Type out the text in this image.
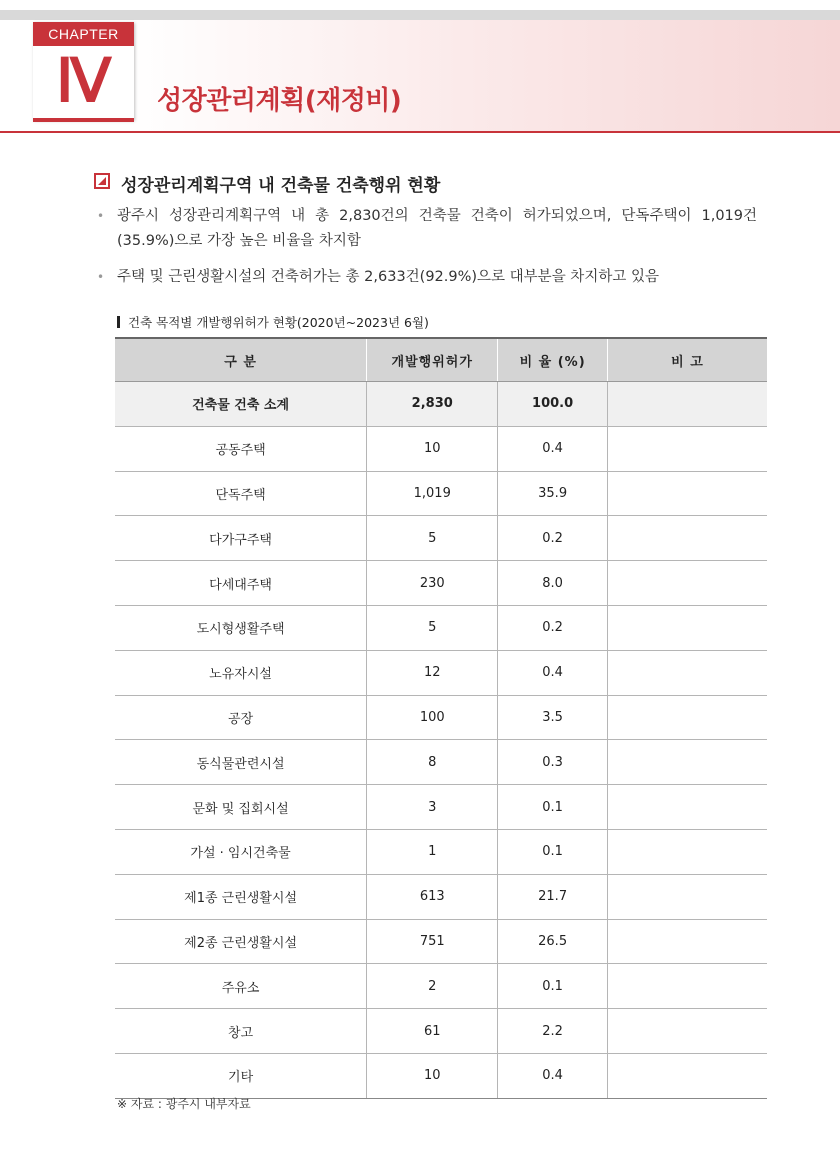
CHAPTER
Ⅳ	성장관리계획(재정비)
성장관리계획구역 내 건축물 건축행위 현황
• 광주시 성장관리계획구역 내 총 2,830건의 건축물 건축이 허가되었으며, 단독주택이 1,019건(35.9%)으로 가장 높은 비율을 차지함
• 주택 및 근린생활시설의 건축허가는 총 2,633건(92.9%)으로 대부분을 차지하고 있음
건축 목적별 개발행위허가 현황(2020년~2023년 6월)
구 분	개발행위허가	비 율 (%)	비 고
건축물 건축 소계	2,830	100.0	
공동주택	10	0.4	
단독주택	1,019	35.9	
다가구주택	5	0.2	
다세대주택	230	8.0	
도시형생활주택	5	0.2	
노유자시설	12	0.4	
공장	100	3.5	
동식물관련시설	8	0.3	
문화 및 집회시설	3	0.1	
가설 · 임시건축물	1	0.1	
제1종 근린생활시설	613	21.7	
제2종 근린생활시설	751	26.5	
주유소	2	0.1	
창고	61	2.2	
기타	10	0.4	
※ 자료 : 광주시 내부자료
